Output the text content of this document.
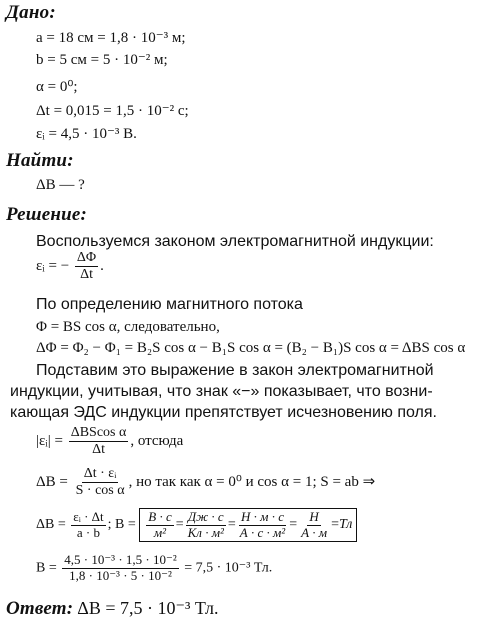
Дано:
a = 18 см = 1,8 · 10⁻³ м;
b = 5 см = 5 · 10⁻² м;
α = 0⁰;
Δt = 0,015 = 1,5 · 10⁻² с;
εᵢ = 4,5 · 10⁻³ В.
Найти:
ΔB — ?
Решение:
Воспользуемся законом электромагнитной индукции:
εᵢ = − $\frac{\Delta\Phi}{\Delta t}$ .
По определению магнитного потока
Φ = BS cos α, следовательно,
ΔΦ = Φ₂ − Φ₁ = B₂S cos α − B₁S cos α = (B₂ − B₁)S cos α = ΔBS cos α
Подставим это выражение в закон электромагнитной
индукции, учитывая, что знак «−» показывает, что возни-
кающая ЭДС индукции препятствует исчезновению поля.
|εᵢ| = $\frac{\text{ΔBScos α}}{\Delta t}$ , отсюда
$\Delta B = \frac{\text{Δt · εᵢ}}{\text{S · cos α}}$ , но так как α = 0⁰ и cos α = 1; S = ab ⇒
$\Delta B = \frac{\text{εᵢ · Δt}}{a \cdot b}$ ; $B = \frac{В \cdot с}{\text{м²}} = \frac{Дж \cdot с}{\text{Кл · м²}} = \frac{Н \cdot м \cdot с}{\text{А · с · м²}} = \frac{Н}{А \cdot м}$ = Тл
$B = \frac{\text{4,5 · 10⁻³ · 1,5 · 10⁻²}}{\text{1,8 · 10⁻³ · 5 · 10⁻²}} = 7,5 \cdot 10^{-3}$ Тл.
Ответ: ΔB = 7,5 · 10⁻³ Тл.
